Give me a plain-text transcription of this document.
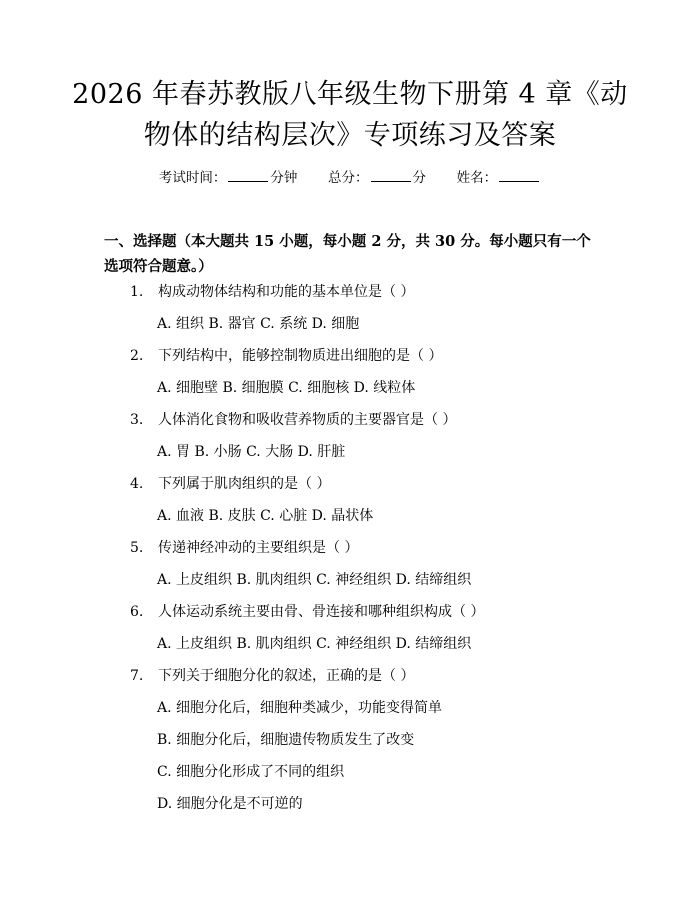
2026 年春苏教版八年级生物下册第 4 章《动物体的结构层次》专项练习及答案
考试时间：	分钟 总分：	分 姓名：
一、选择题（本大题共 15 小题，每小题 2 分，共 30 分。每小题只有一个选项符合题意。）
1. 构成动物体结构和功能的基本单位是（ ）
A. 组织 B. 器官 C. 系统 D. 细胞
2. 下列结构中，能够控制物质进出细胞的是（ ）
A. 细胞壁 B. 细胞膜 C. 细胞核 D. 线粒体
3. 人体消化食物和吸收营养物质的主要器官是（ ）
A. 胃 B. 小肠 C. 大肠 D. 肝脏
4. 下列属于肌肉组织的是（ ）
A. 血液 B. 皮肤 C. 心脏 D. 晶状体
5. 传递神经冲动的主要组织是（ ）
A. 上皮组织 B. 肌肉组织 C. 神经组织 D. 结缔组织
6. 人体运动系统主要由骨、骨连接和哪种组织构成（ ）
A. 上皮组织 B. 肌肉组织 C. 神经组织 D. 结缔组织
7. 下列关于细胞分化的叙述，正确的是（ ）
A. 细胞分化后，细胞种类减少，功能变得简单
B. 细胞分化后，细胞遗传物质发生了改变
C. 细胞分化形成了不同的组织
D. 细胞分化是不可逆的
